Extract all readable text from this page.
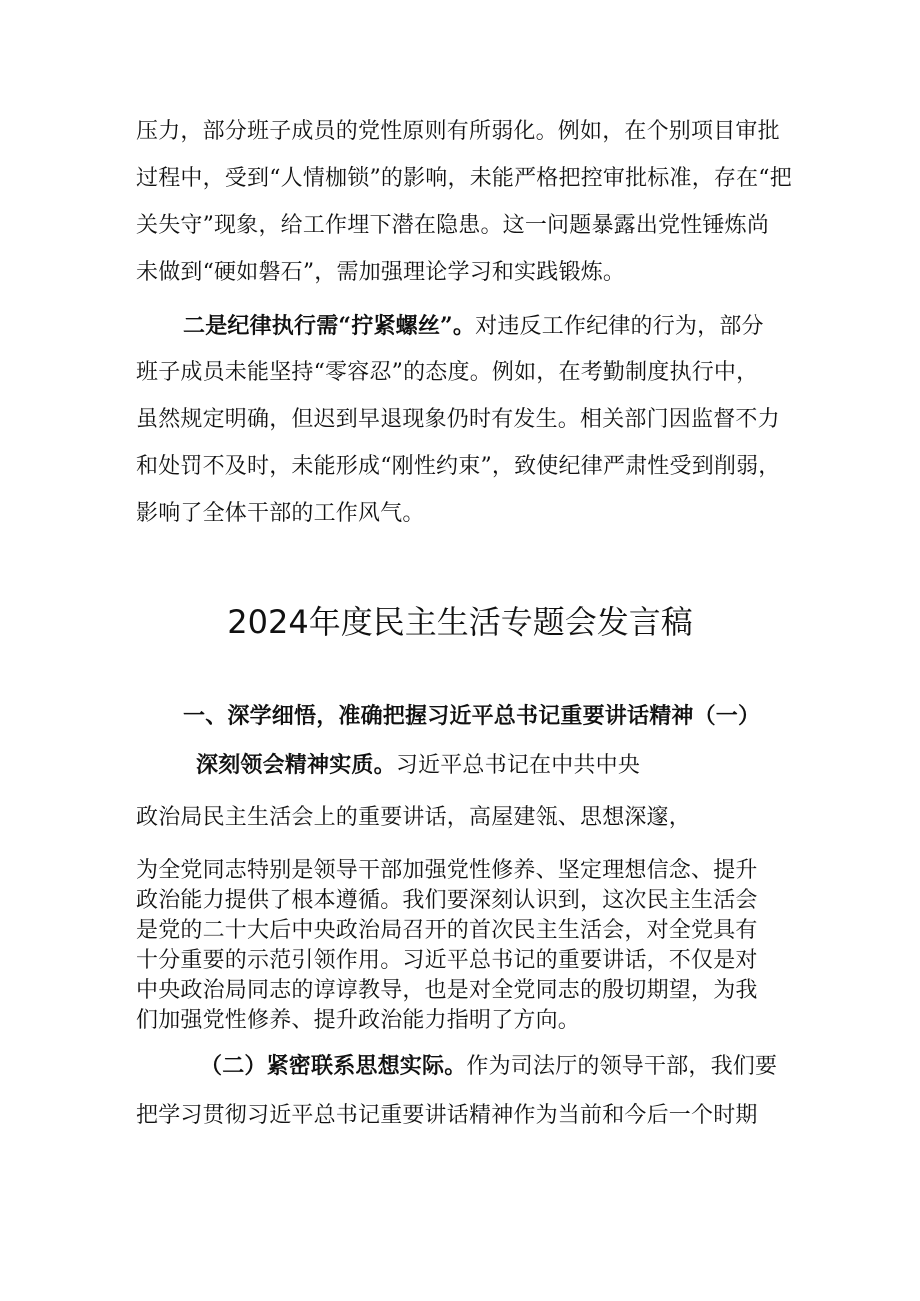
压力，部分班子成员的党性原则有所弱化。例如，在个别项目审批
过程中，受到“人情枷锁”的影响，未能严格把控审批标准，存在“把
关失守”现象，给工作埋下潜在隐患。这一问题暴露出党性锤炼尚
未做到“硬如磐石”，需加强理论学习和实践锻炼。
二是纪律执行需“拧紧螺丝”。对违反工作纪律的行为，部分
班子成员未能坚持“零容忍”的态度。例如，在考勤制度执行中，
虽然规定明确，但迟到早退现象仍时有发生。相关部门因监督不力
和处罚不及时，未能形成“刚性约束”，致使纪律严肃性受到削弱，
影响了全体干部的工作风气。
2024年度民主生活专题会发言稿
一、深学细悟，准确把握习近平总书记重要讲话精神（一）
深刻领会精神实质。习近平总书记在中共中央
政治局民主生活会上的重要讲话，高屋建瓴、思想深邃，
为全党同志特别是领导干部加强党性修养、坚定理想信念、提升
政治能力提供了根本遵循。我们要深刻认识到，这次民主生活会
是党的二十大后中央政治局召开的首次民主生活会，对全党具有
十分重要的示范引领作用。习近平总书记的重要讲话，不仅是对
中央政治局同志的谆谆教导，也是对全党同志的殷切期望，为我
们加强党性修养、提升政治能力指明了方向。
（二）紧密联系思想实际。作为司法厅的领导干部，我们要
把学习贯彻习近平总书记重要讲话精神作为当前和今后一个时期
